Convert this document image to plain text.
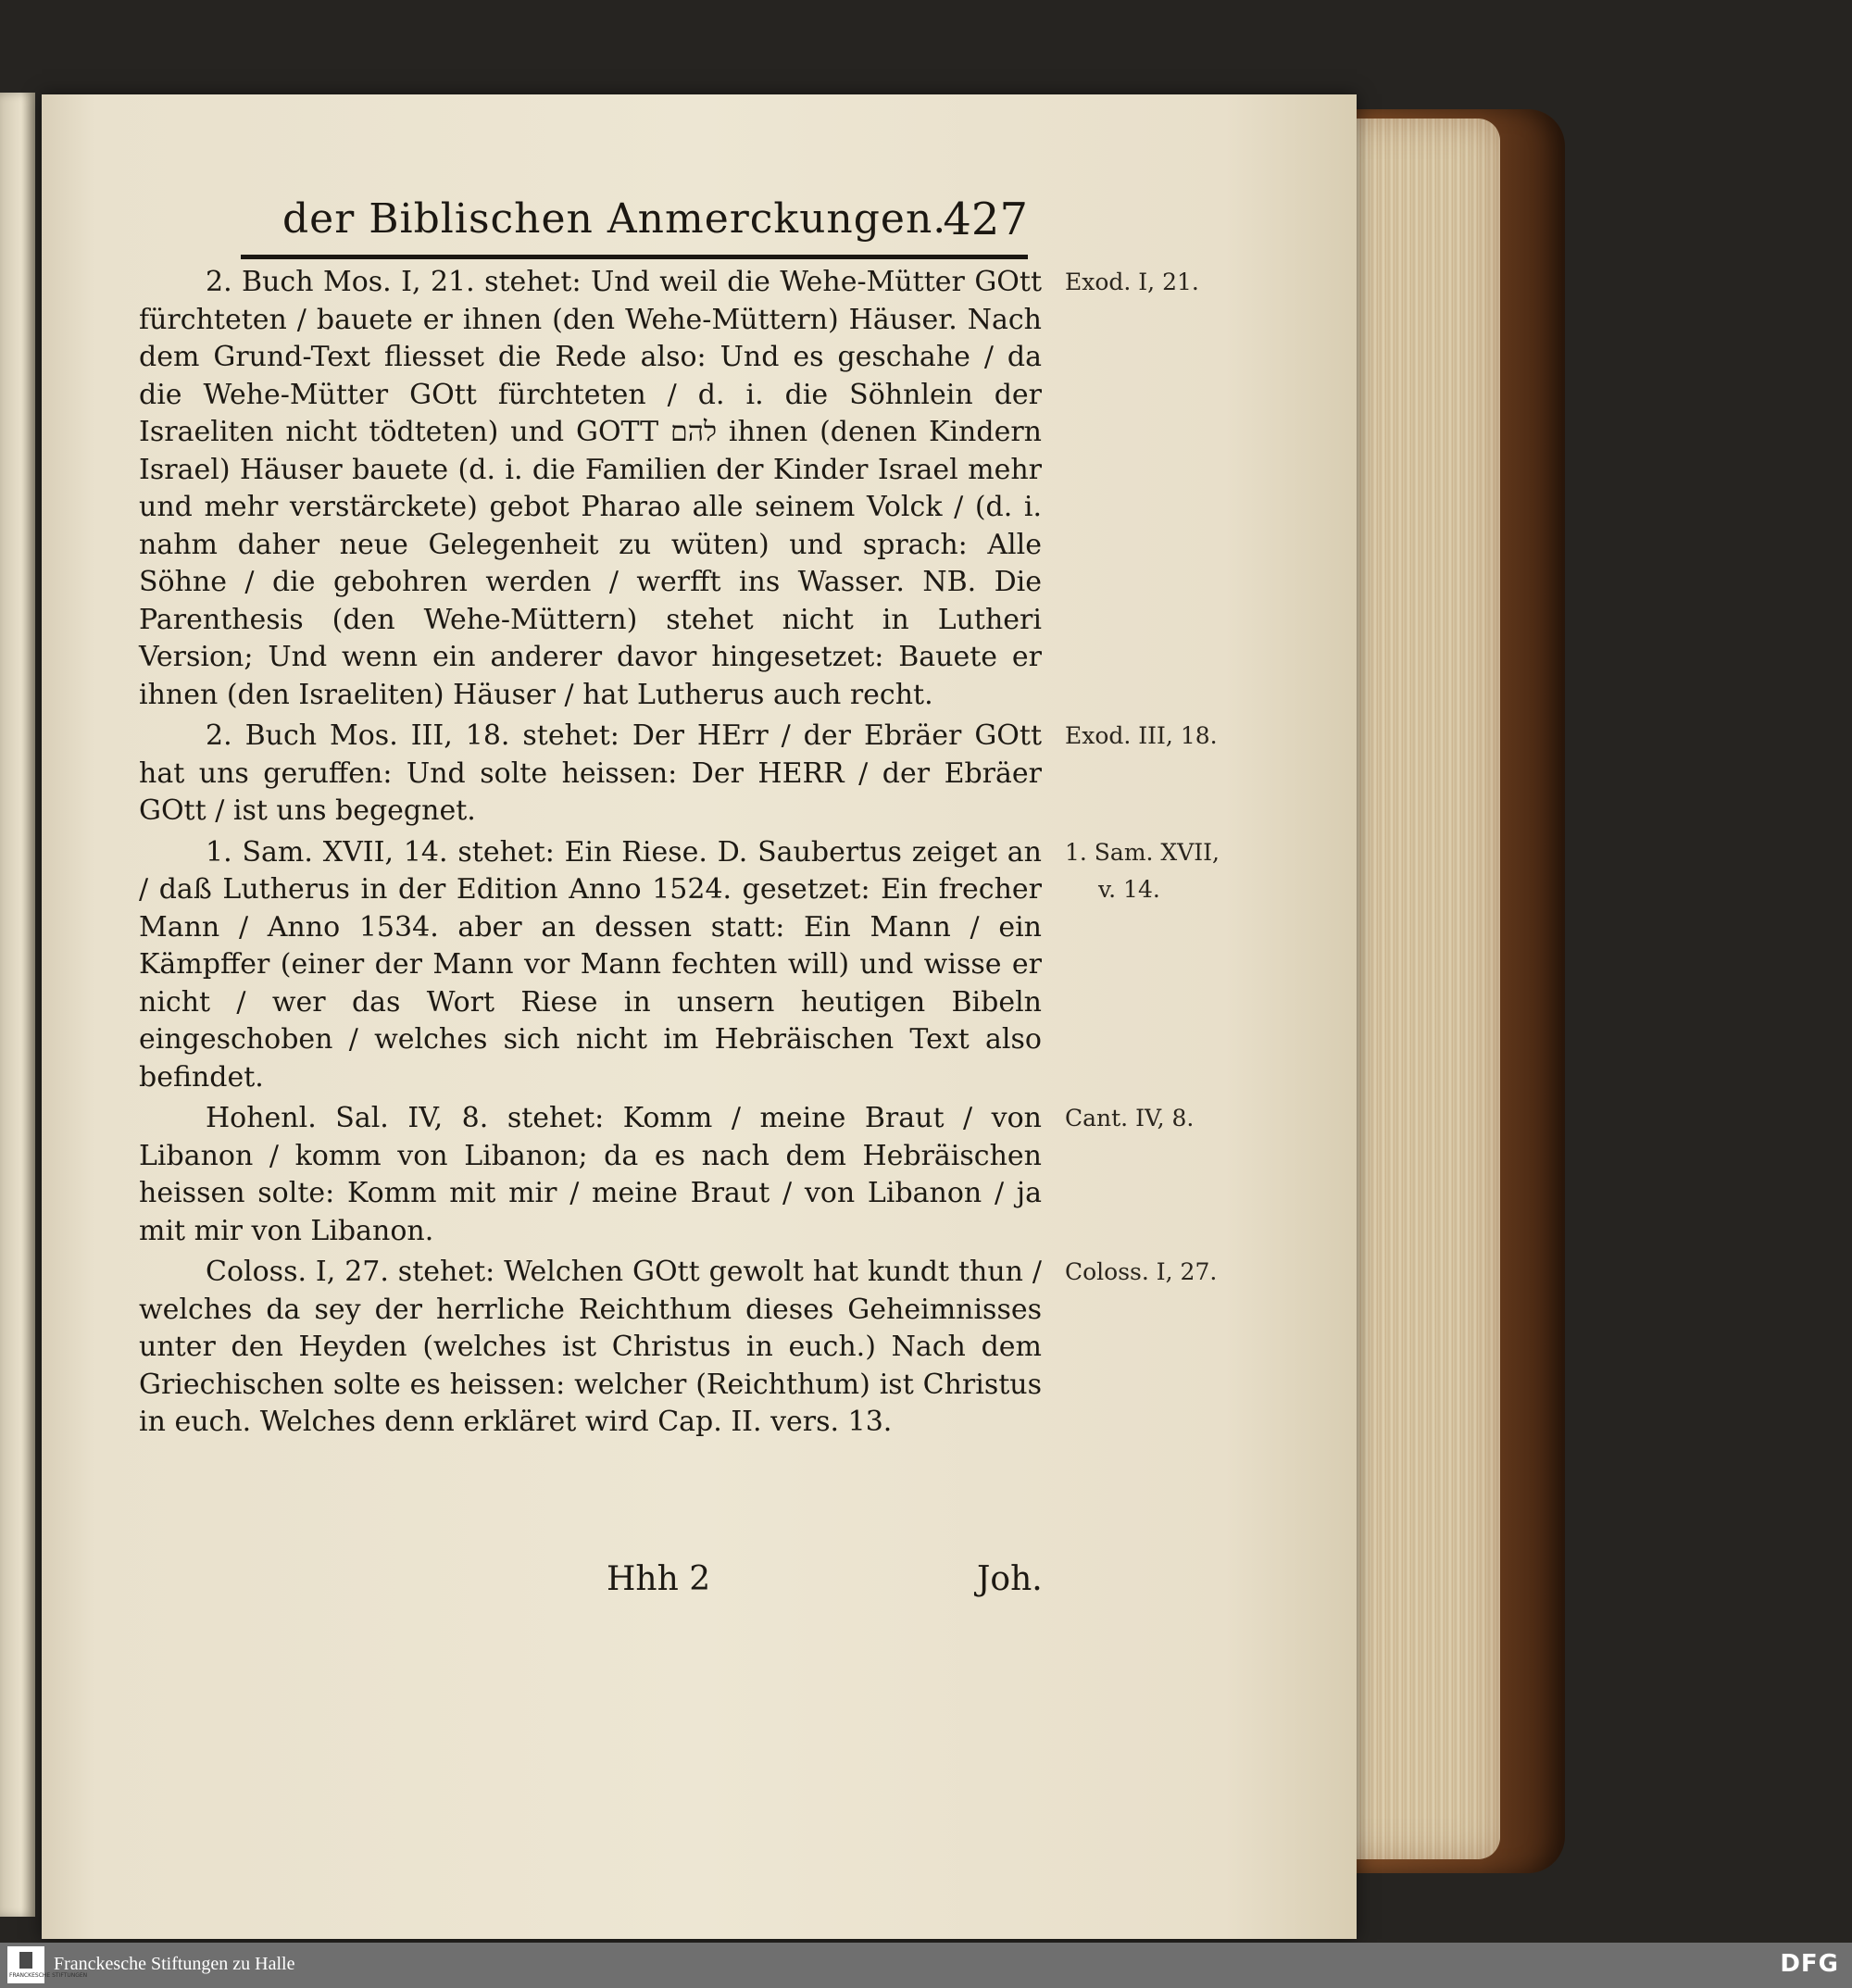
der Biblischen Anmerckungen.
427
2. Buch Mos. I, 21. stehet: Und weil die Wehe-Mütter GOtt fürchteten / bauete er ihnen (den Wehe-Müttern) Häuser. Nach dem Grund-Text fliesset die Rede also: Und es geschahe / da die Wehe-Mütter GOtt fürchteten / d. i. die Söhnlein der Israeliten nicht tödteten) und GOTT להם ihnen (denen Kindern Israel) Häuser bauete (d. i. die Familien der Kinder Israel mehr und mehr verstärckete) gebot Pharao alle seinem Volck / (d. i. nahm daher neue Gelegenheit zu wüten) und sprach: Alle Söhne / die gebohren werden / werfft ins Wasser. NB. Die Parenthesis (den Wehe-Müttern) stehet nicht in Lutheri Version; Und wenn ein anderer davor hingesetzet: Bauete er ihnen (den Israeliten) Häuser / hat Lutherus auch recht.
Exod. I, 21.
2. Buch Mos. III, 18. stehet: Der HErr / der Ebräer GOtt hat uns geruffen: Und solte heissen: Der HERR / der Ebräer GOtt / ist uns begegnet.
Exod. III, 18.
1. Sam. XVII, 14. stehet: Ein Riese. D. Saubertus zeiget an / daß Lutherus in der Edition Anno 1524. gesetzet: Ein frecher Mann / Anno 1534. aber an dessen statt: Ein Mann / ein Kämpffer (einer der Mann vor Mann fechten will) und wisse er nicht / wer das Wort Riese in unsern heutigen Bibeln eingeschoben / welches sich nicht im Hebräischen Text also befindet.
1. Sam. XVII,
v. 14.
Hohenl. Sal. IV, 8. stehet: Komm / meine Braut / von Libanon / komm von Libanon; da es nach dem Hebräischen heissen solte: Komm mit mir / meine Braut / von Libanon / ja mit mir von Libanon.
Cant. IV, 8.
Coloss. I, 27. stehet: Welchen GOtt gewolt hat kundt thun / welches da sey der herrliche Reichthum dieses Geheimnisses unter den Heyden (welches ist Christus in euch.) Nach dem Griechischen solte es heissen: welcher (Reichthum) ist Christus in euch. Welches denn erkläret wird Cap. II. vers. 13.
Coloss. I, 27.
Hhh 2	Joh.
FRANCKESCHE STIFTUNGEN
Franckesche Stiftungen zu Halle	DFG
